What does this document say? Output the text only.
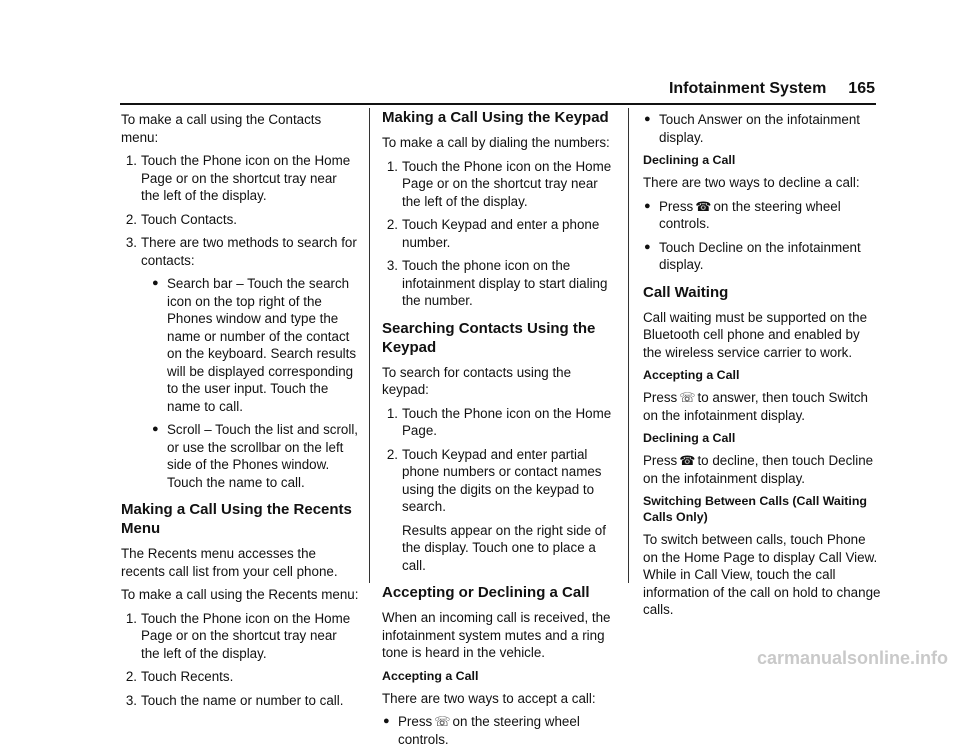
Infotainment System 165

To make a call using the Contacts menu:

1. Touch the Phone icon on the Home Page or on the shortcut tray near the left of the display.
2. Touch Contacts.
3. There are two methods to search for contacts:
● Search bar – Touch the search icon on the top right of the Phones window and type the name or number of the contact on the keyboard. Search results will be displayed corresponding to the user input. Touch the name to call.
● Scroll – Touch the list and scroll, or use the scrollbar on the left side of the Phones window. Touch the name to call.
Making a Call Using the Recents Menu

The Recents menu accesses the recents call list from your cell phone.

To make a call using the Recents menu:

1. Touch the Phone icon on the Home Page or on the shortcut tray near the left of the display.
2. Touch Recents.
3. Touch the name or number to call.
Making a Call Using the Keypad

To make a call by dialing the numbers:

1. Touch the Phone icon on the Home Page or on the shortcut tray near the left of the display.
2. Touch Keypad and enter a phone number.
3. Touch the phone icon on the infotainment display to start dialing the number.
Searching Contacts Using the Keypad

To search for contacts using the keypad:

1. Touch the Phone icon on the Home Page.
2. Touch Keypad and enter partial phone numbers or contact names using the digits on the keypad to search.

Results appear on the right side of the display. Touch one to place a call.

Accepting or Declining a Call

When an incoming call is received, the infotainment system mutes and a ring tone is heard in the vehicle.

Accepting a Call

There are two ways to accept a call:

● Press ☏ on the steering wheel controls.
● Touch Answer on the infotainment display.
Declining a Call

There are two ways to decline a call:

● Press ☎ on the steering wheel controls.
● Touch Decline on the infotainment display.
Call Waiting

Call waiting must be supported on the Bluetooth cell phone and enabled by the wireless service carrier to work.

Accepting a Call

Press ☏ to answer, then touch Switch on the infotainment display.

Declining a Call

Press ☎ to decline, then touch Decline on the infotainment display.

Switching Between Calls (Call Waiting Calls Only)

To switch between calls, touch Phone on the Home Page to display Call View. While in Call View, touch the call information of the call on hold to change calls.

carmanualsonline.info
